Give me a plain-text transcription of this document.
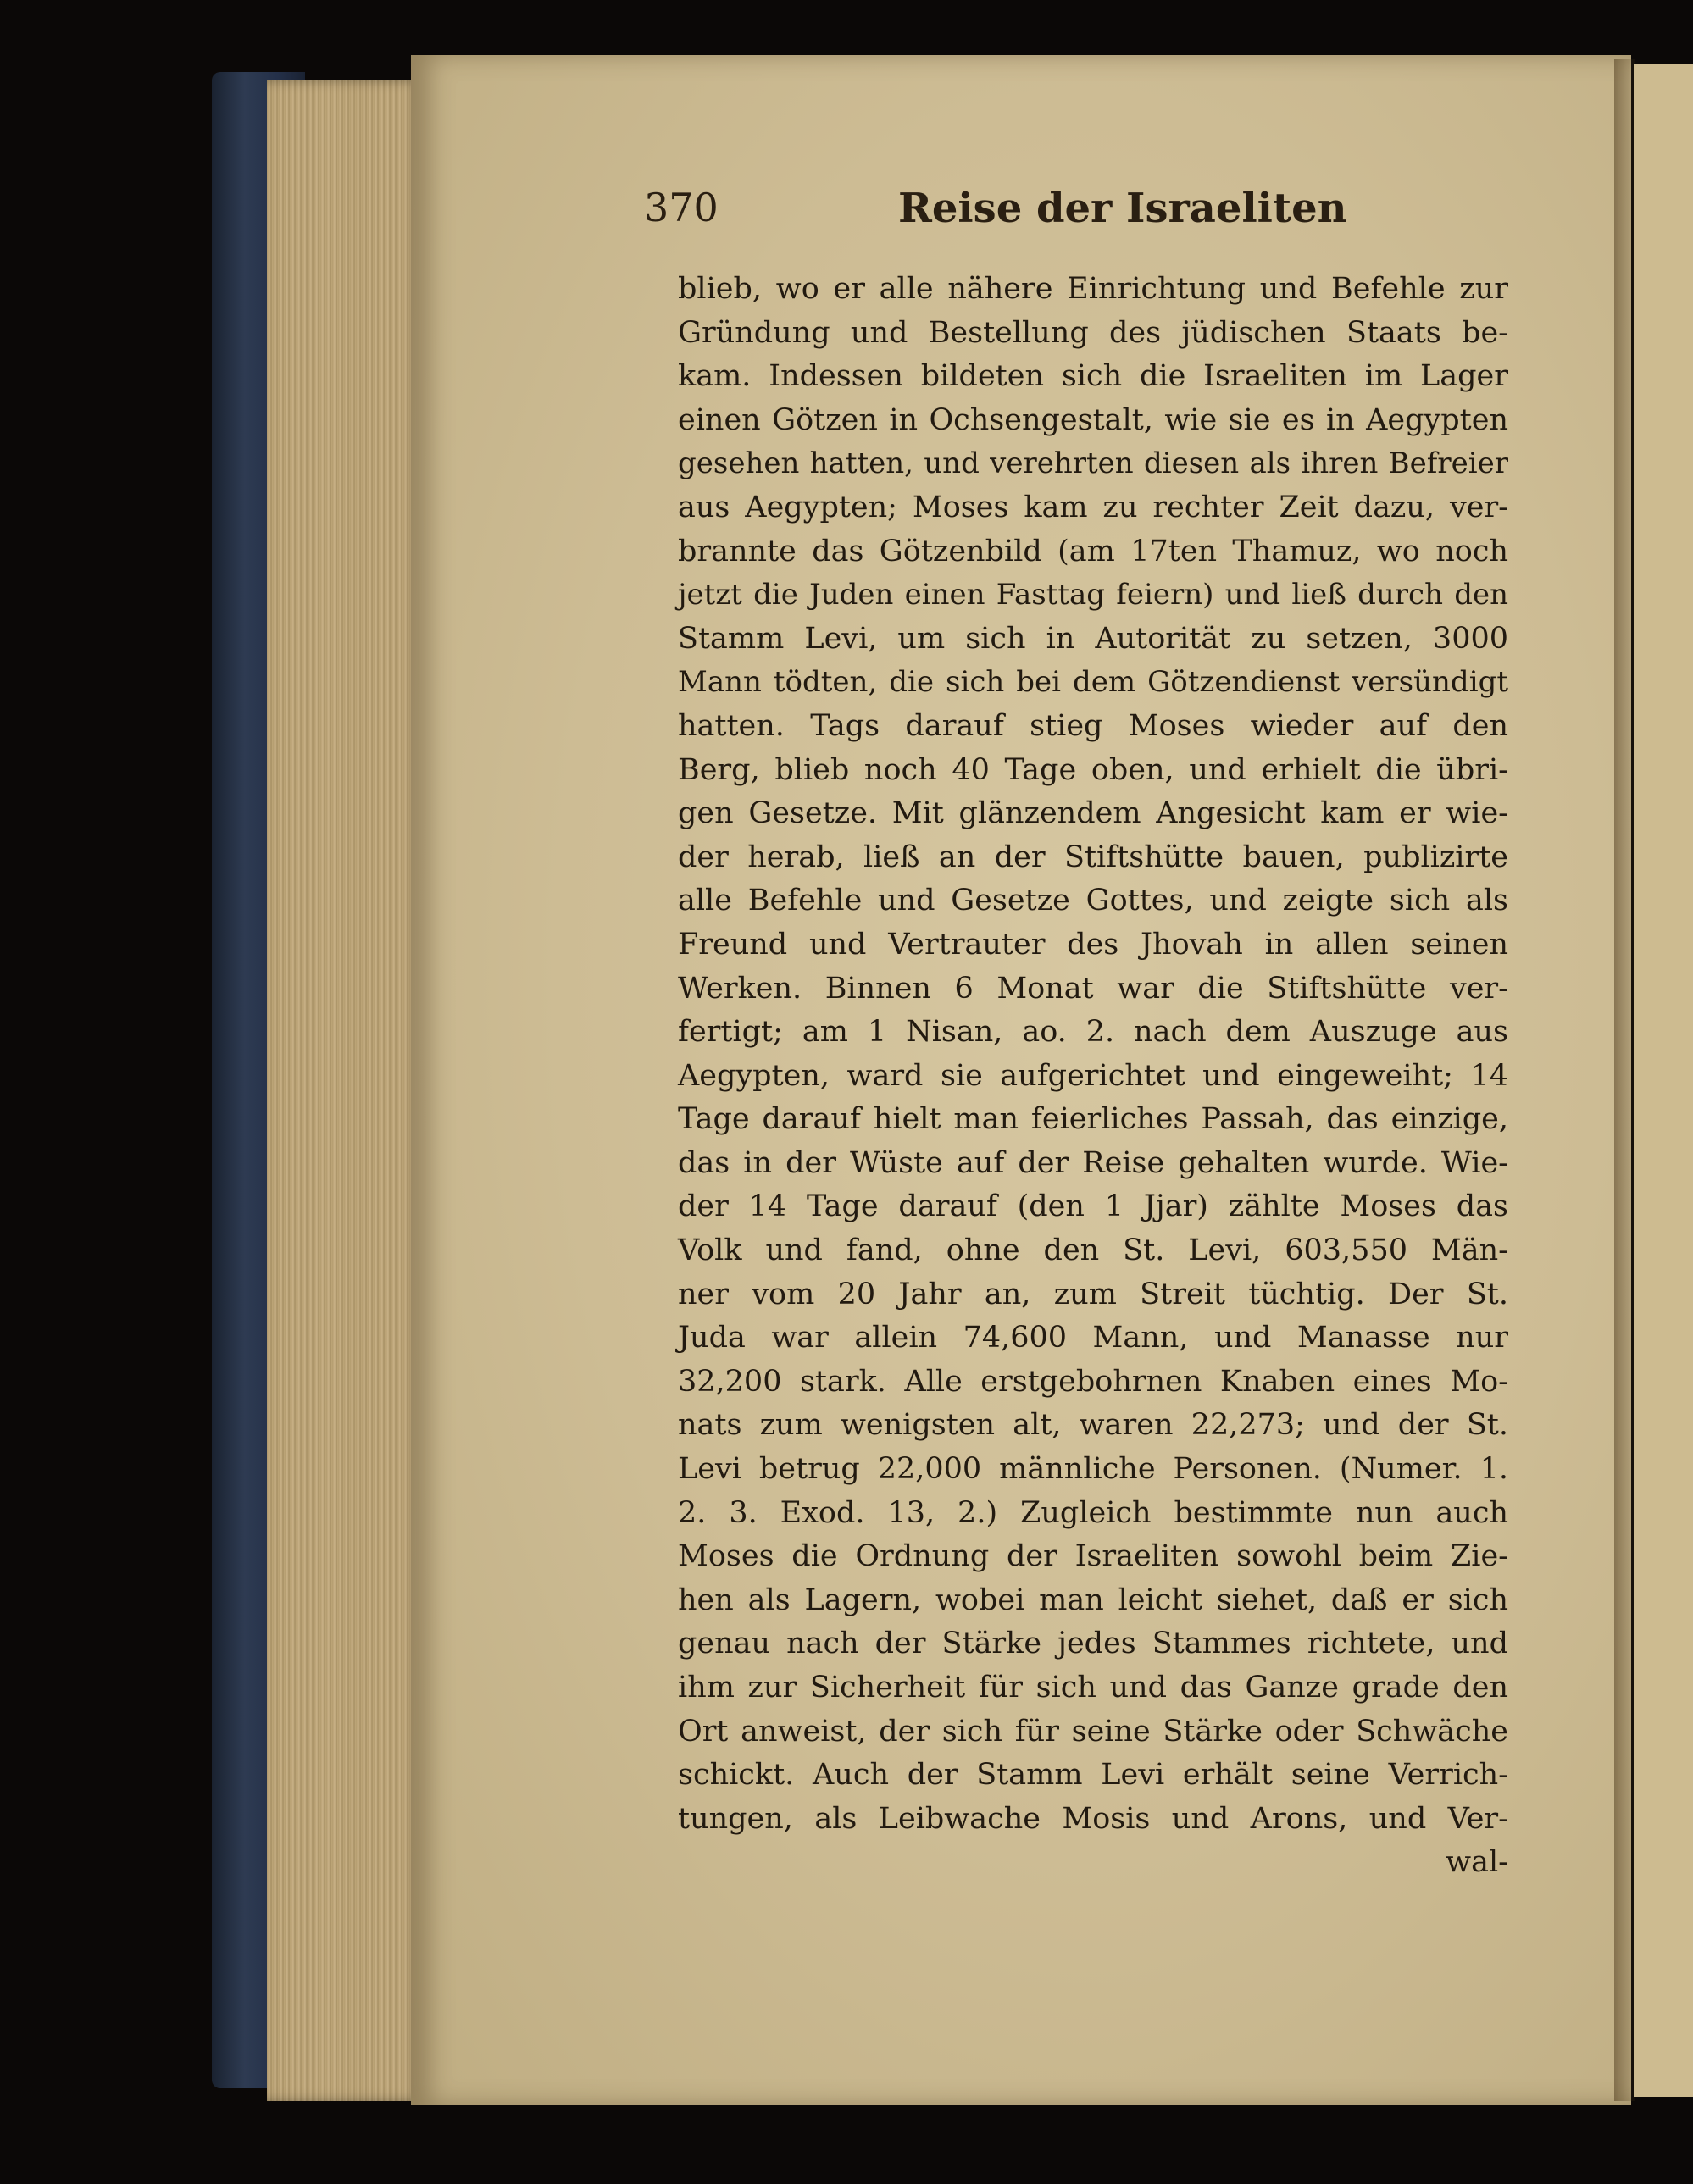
370	Reise der Israeliten
blieb, wo er alle nähere Einrichtung und Befehle zur
Gründung und Bestellung des jüdischen Staats be-
kam. Indessen bildeten sich die Israeliten im Lager
einen Götzen in Ochsengestalt, wie sie es in Aegypten
gesehen hatten, und verehrten diesen als ihren Befreier
aus Aegypten; Moses kam zu rechter Zeit dazu, ver-
brannte das Götzenbild (am 17ten Thamuz, wo noch
jetzt die Juden einen Fasttag feiern) und ließ durch den
Stamm Levi, um sich in Autorität zu setzen, 3000
Mann tödten, die sich bei dem Götzendienst versündigt
hatten. Tags darauf stieg Moses wieder auf den
Berg, blieb noch 40 Tage oben, und erhielt die übri-
gen Gesetze. Mit glänzendem Angesicht kam er wie-
der herab, ließ an der Stiftshütte bauen, publizirte
alle Befehle und Gesetze Gottes, und zeigte sich als
Freund und Vertrauter des Jhovah in allen seinen
Werken. Binnen 6 Monat war die Stiftshütte ver-
fertigt; am 1 Nisan, ao. 2. nach dem Auszuge aus
Aegypten, ward sie aufgerichtet und eingeweiht; 14
Tage darauf hielt man feierliches Passah, das einzige,
das in der Wüste auf der Reise gehalten wurde. Wie-
der 14 Tage darauf (den 1 Jjar) zählte Moses das
Volk und fand, ohne den St. Levi, 603,550 Män-
ner vom 20 Jahr an, zum Streit tüchtig. Der St.
Juda war allein 74,600 Mann, und Manasse nur
32,200 stark. Alle erstgebohrnen Knaben eines Mo-
nats zum wenigsten alt, waren 22,273; und der St.
Levi betrug 22,000 männliche Personen. (Numer. 1.
2. 3. Exod. 13, 2.) Zugleich bestimmte nun auch
Moses die Ordnung der Israeliten sowohl beim Zie-
hen als Lagern, wobei man leicht siehet, daß er sich
genau nach der Stärke jedes Stammes richtete, und
ihm zur Sicherheit für sich und das Ganze grade den
Ort anweist, der sich für seine Stärke oder Schwäche
schickt. Auch der Stamm Levi erhält seine Verrich-
tungen, als Leibwache Mosis und Arons, und Ver-
wal-
